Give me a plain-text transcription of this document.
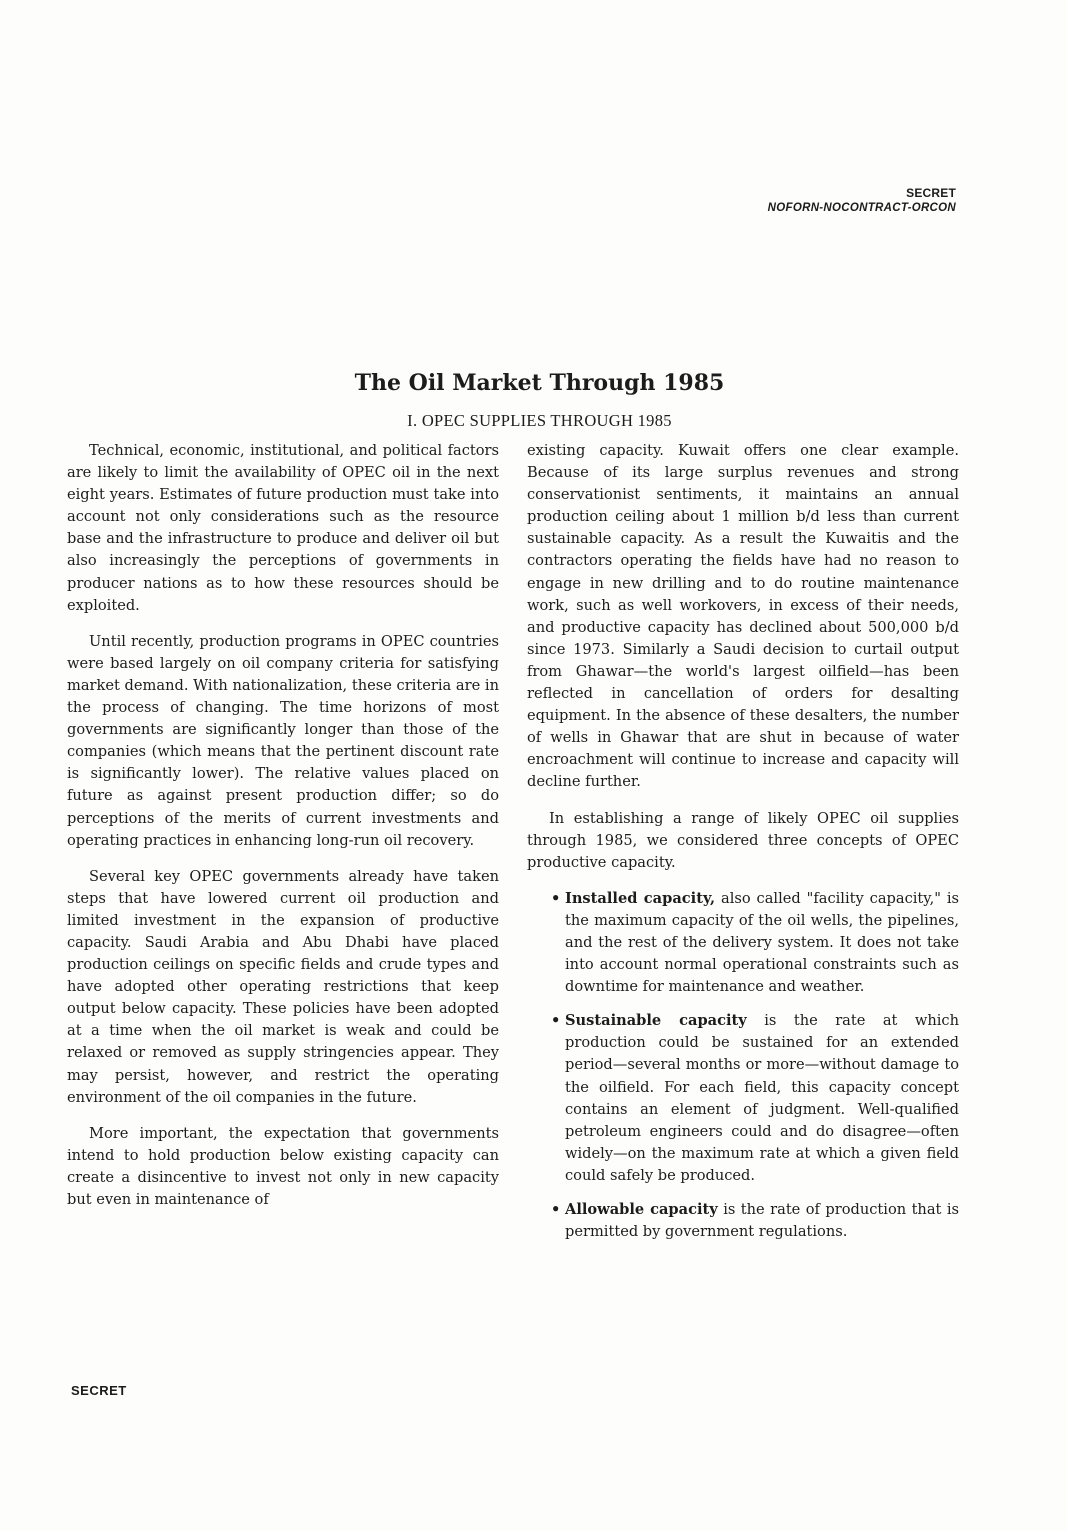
SECRET
NOFORN-NOCONTRACT-ORCON
The Oil Market Through 1985
I. OPEC SUPPLIES THROUGH 1985

Technical, economic, institutional, and political factors are likely to limit the availability of OPEC oil in the next eight years. Estimates of future production must take into account not only considerations such as the resource base and the infrastructure to produce and deliver oil but also increasingly the perceptions of governments in producer nations as to how these resources should be exploited.

Until recently, production programs in OPEC countries were based largely on oil company criteria for satisfying market demand. With nationalization, these criteria are in the process of changing. The time horizons of most governments are significantly longer than those of the companies (which means that the pertinent discount rate is significantly lower). The relative values placed on future as against present production differ; so do perceptions of the merits of current investments and operating practices in enhancing long-run oil recovery.

Several key OPEC governments already have taken steps that have lowered current oil production and limited investment in the expansion of productive capacity. Saudi Arabia and Abu Dhabi have placed production ceilings on specific fields and crude types and have adopted other operating restrictions that keep output below capacity. These policies have been adopted at a time when the oil market is weak and could be relaxed or removed as supply stringencies appear. They may persist, however, and restrict the operating environment of the oil companies in the future.

More important, the expectation that governments intend to hold production below existing capacity can create a disincentive to invest not only in new capacity but even in maintenance of

existing capacity. Kuwait offers one clear example. Because of its large surplus revenues and strong conservationist sentiments, it maintains an annual production ceiling about 1 million b/d less than current sustainable capacity. As a result the Kuwaitis and the contractors operating the fields have had no reason to engage in new drilling and to do routine maintenance work, such as well workovers, in excess of their needs, and productive capacity has declined about 500,000 b/d since 1973. Similarly a Saudi decision to curtail output from Ghawar—the world's largest oilfield—has been reflected in cancellation of orders for desalting equipment. In the absence of these desalters, the number of wells in Ghawar that are shut in because of water encroachment will continue to increase and capacity will decline further.

In establishing a range of likely OPEC oil supplies through 1985, we considered three concepts of OPEC productive capacity.

• Installed capacity, also called "facility capacity," is the maximum capacity of the oil wells, the pipelines, and the rest of the delivery system. It does not take into account normal operational constraints such as downtime for maintenance and weather.
• Sustainable capacity is the rate at which production could be sustained for an extended period—several months or more—without damage to the oilfield. For each field, this capacity concept contains an element of judgment. Well-qualified petroleum engineers could and do disagree—often widely—on the maximum rate at which a given field could safely be produced.
• Allowable capacity is the rate of production that is permitted by government regulations.
SECRET
